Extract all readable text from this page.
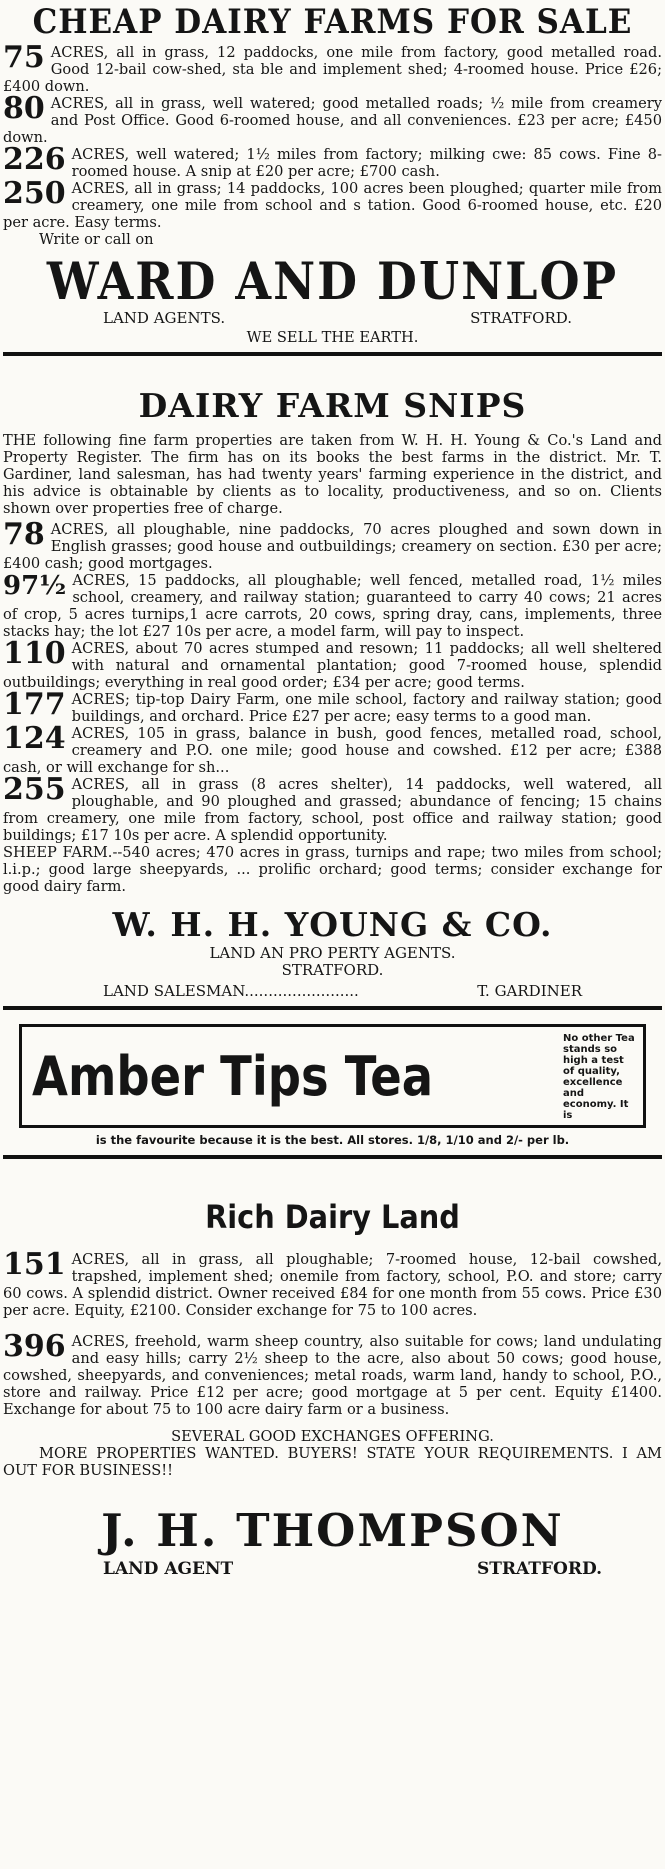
CHEAP DAIRY FARMS FOR SALE
75 ACRES, all in grass, 12 paddocks, one mile from factory, good metalled road. Good 12-bail cow-shed, sta ble and implement shed; 4-roomed house. Price £26; £400 down.
80 ACRES, all in grass, well watered; good metalled roads; ½ mile from creamery and Post Office. Good 6-roomed house, and all conveniences. £23 per acre; £450 down.
226 ACRES, well watered; 1½ miles from factory; milking cwe: 85 cows. Fine 8-roomed house. A snip at £20 per acre; £700 cash.
250 ACRES, all in grass; 14 paddocks, 100 acres been ploughed; quarter mile from creamery, one mile from school and s tation. Good 6-roomed house, etc. £20 per acre. Easy terms.

Write or call on

WARD AND DUNLOP
LAND AGENTS.	STRATFORD.
WE SELL THE EARTH.
DAIRY FARM SNIPS

THE following fine farm properties are taken from W. H. H. Young & Co.'s Land and Property Register. The firm has on its books the best farms in the district. Mr. T. Gardiner, land salesman, has had twenty years' farming experience in the district, and his advice is obtainable by clients as to locality, productiveness, and so on. Clients shown over properties free of charge.

78 ACRES, all ploughable, nine paddocks, 70 acres ploughed and sown down in English grasses; good house and outbuildings; creamery on section. £30 per acre; £400 cash; good mortgages.
97½ ACRES, 15 paddocks, all ploughable; well fenced, metalled road, 1½ miles school, creamery, and railway station; guaranteed to carry 40 cows; 21 acres of crop, 5 acres turnips,1 acre carrots, 20 cows, spring dray, cans, implements, three stacks hay; the lot £27 10s per acre, a model farm, will pay to inspect.
110 ACRES, about 70 acres stumped and resown; 11 paddocks; all well sheltered with natural and ornamental plantation; good 7-roomed house, splendid outbuildings; everything in real good order; £34 per acre; good terms.
177 ACRES; tip-top Dairy Farm, one mile school, factory and railway station; good buildings, and orchard. Price £27 per acre; easy terms to a good man.
124 ACRES, 105 in grass, balance in bush, good fences, metalled road, school, creamery and P.O. one mile; good house and cowshed. £12 per acre; £388 cash, or will exchange for sh...
255 ACRES, all in grass (8 acres shelter), 14 paddocks, well watered, all ploughable, and 90 ploughed and grassed; abundance of fencing; 15 chains from creamery, one mile from factory, school, post office and railway station; good buildings; £17 10s per acre. A splendid opportunity.

SHEEP FARM.--540 acres; 470 acres in grass, turnips and rape; two miles from school; l.i.p.; good large sheepyards, ... prolific orchard; good terms; consider exchange for good dairy farm.

W. H. H. YOUNG & CO.
LAND AN PRO PERTY AGENTS.
STRATFORD.
LAND SALESMAN........................	T. GARDINER
Amber Tips Tea
No other Tea stands so high a test of quality, excellence and economy. It is
is the favourite because it is the best. All stores. 1/8, 1/10 and 2/- per lb.
Rich Dairy Land
151 ACRES, all in grass, all ploughable; 7-roomed house, 12-bail cowshed, trapshed, implement shed; onemile from factory, school, P.O. and store; carry 60 cows. A splendid district. Owner received £84 for one month from 55 cows. Price £30 per acre. Equity, £2100. Consider exchange for 75 to 100 acres.
396 ACRES, freehold, warm sheep country, also suitable for cows; land undulating and easy hills; carry 2½ sheep to the acre, also about 50 cows; good house, cowshed, sheepyards, and conveniences; metal roads, warm land, handy to school, P.O., store and railway. Price £12 per acre; good mortgage at 5 per cent. Equity £1400. Exchange for about 75 to 100 acre dairy farm or a business.
SEVERAL GOOD EXCHANGES OFFERING.

MORE PROPERTIES WANTED. BUYERS! STATE YOUR REQUIREMENTS. I AM OUT FOR BUSINESS!!

J. H. THOMPSON
LAND AGENT	STRATFORD.
